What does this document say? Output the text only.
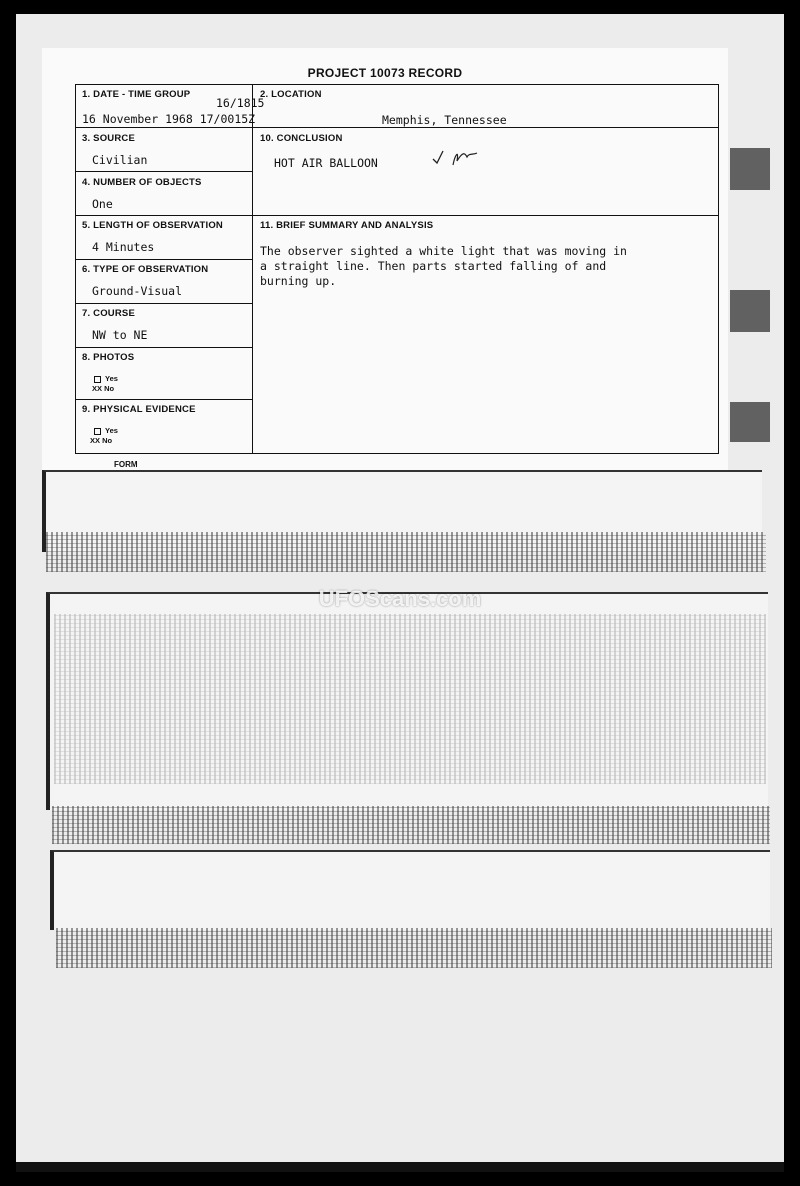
PROJECT 10073 RECORD
1. DATE - TIME GROUP
16/1815
16 November 1968 17/0015Z
2. LOCATION
Memphis, Tennessee
3. SOURCE
Civilian
10. CONCLUSION
HOT AIR BALLOON
4. NUMBER OF OBJECTS
One
5. LENGTH OF OBSERVATION
4 Minutes
11. BRIEF SUMMARY AND ANALYSIS
The observer sighted a white light that was moving in
a straight line. Then parts started falling of and
burning up.
6. TYPE OF OBSERVATION
Ground-Visual
7. COURSE
NW to NE
8. PHOTOS
Yes
XX No
9. PHYSICAL EVIDENCE
Yes
XX No
FORM
UFOScans.com
